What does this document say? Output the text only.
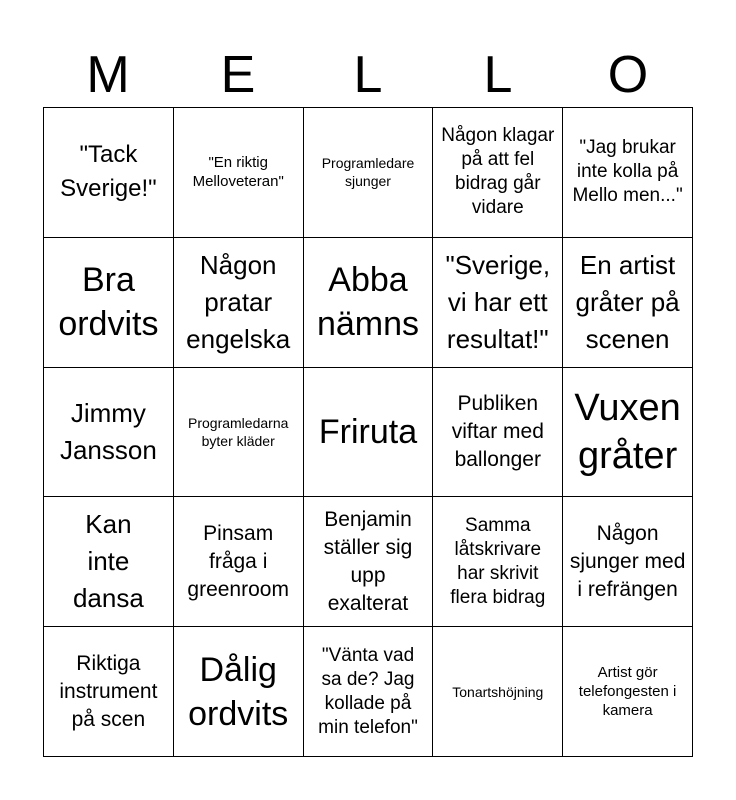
M	E	L	L	O
"Tack Sverige!"
"En riktig Melloveteran"
Programledare sjunger
Någon klagar på att fel bidrag går vidare
"Jag brukar inte kolla på Mello men..."
Bra ordvits
Någon pratar engelska
Abba nämns
"Sverige, vi har ett resultat!"
En artist gråter på scenen
Jimmy Jansson
Programledarna byter kläder	Friruta
Publiken viftar med ballonger
Vuxen gråter
Kan inte dansa
Pinsam fråga i greenroom
Benjamin ställer sig upp exalterat
Samma låtskrivare har skrivit flera bidrag
Någon sjunger med i refrängen
Riktiga instrument på scen
Dålig ordvits
"Vänta vad sa de? Jag kollade på min telefon"
Tonartshöjning
Artist gör telefongesten i kamera
